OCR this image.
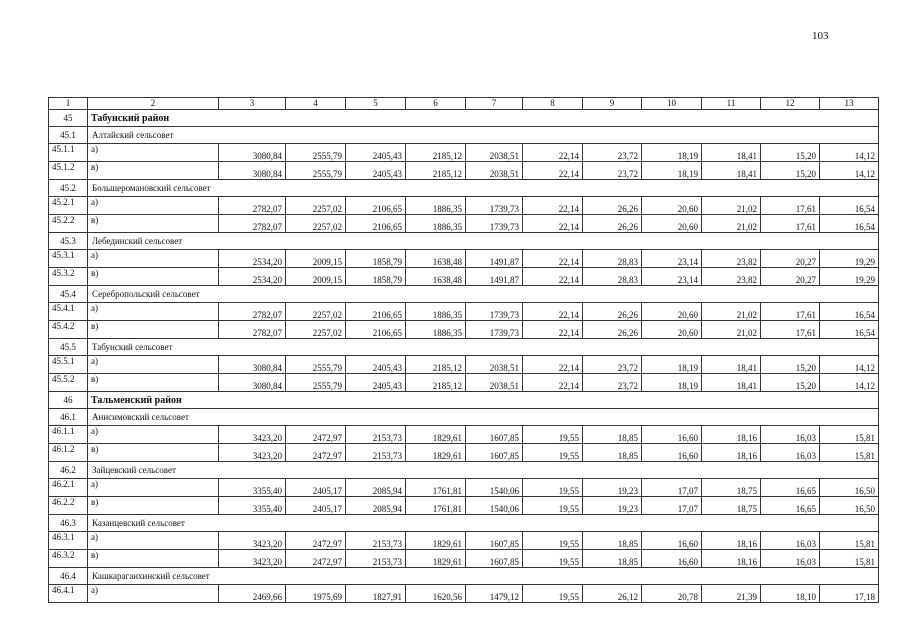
103
1	2	3	4	5	6	7	8	9	10	11	12	13
45	Табунский район											
45.1	Алтайский сельсовет											
45.1.1	а)	3080,84	2555,79	2405,43	2185,12	2038,51	22,14	23,72	18,19	18,41	15,20	14,12
45.1.2	в)	3080,84	2555,79	2405,43	2185,12	2038,51	22,14	23,72	18,19	18,41	15,20	14,12
45.2	Большеромановский сельсовет											
45.2.1	а)	2782,07	2257,02	2106,65	1886,35	1739,73	22,14	26,26	20,60	21,02	17,61	16,54
45.2.2	в)	2782,07	2257,02	2106,65	1886,35	1739,73	22,14	26,26	20,60	21,02	17,61	16,54
45.3	Лебединский сельсовет											
45.3.1	а)	2534,20	2009,15	1858,79	1638,48	1491,87	22,14	28,83	23,14	23,82	20,27	19,29
45.3.2	в)	2534,20	2009,15	1858,79	1638,48	1491,87	22,14	28,83	23,14	23,82	20,27	19,29
45.4	Серебропольский сельсовет											
45.4.1	а)	2782,07	2257,02	2106,65	1886,35	1739,73	22,14	26,26	20,60	21,02	17,61	16,54
45.4.2	в)	2782,07	2257,02	2106,65	1886,35	1739,73	22,14	26,26	20,60	21,02	17,61	16,54
45.5	Табунский сельсовет											
45.5.1	а)	3080,84	2555,79	2405,43	2185,12	2038,51	22,14	23,72	18,19	18,41	15,20	14,12
45.5.2	в)	3080,84	2555,79	2405,43	2185,12	2038,51	22,14	23,72	18,19	18,41	15,20	14,12
46	Тальменский район											
46.1	Анисимовский сельсовет											
46.1.1	а)	3423,20	2472,97	2153,73	1829,61	1607,85	19,55	18,85	16,60	18,16	16,03	15,81
46.1.2	в)	3423,20	2472,97	2153,73	1829,61	1607,85	19,55	18,85	16,60	18,16	16,03	15,81
46.2	Зайцевский сельсовет											
46.2.1	а)	3355,40	2405,17	2085,94	1761,81	1540,06	19,55	19,23	17,07	18,75	16,65	16,50
46.2.2	в)	3355,40	2405,17	2085,94	1761,81	1540,06	19,55	19,23	17,07	18,75	16,65	16,50
46.3	Казанцевский сельсовет											
46.3.1	а)	3423,20	2472,97	2153,73	1829,61	1607,85	19,55	18,85	16,60	18,16	16,03	15,81
46.3.2	в)	3423,20	2472,97	2153,73	1829,61	1607,85	19,55	18,85	16,60	18,16	16,03	15,81
46.4	Кашкарагаихинский сельсовет											
46.4.1	а)	2469,66	1975,69	1827,91	1620,56	1479,12	19,55	26,12	20,78	21,39	18,10	17,18
